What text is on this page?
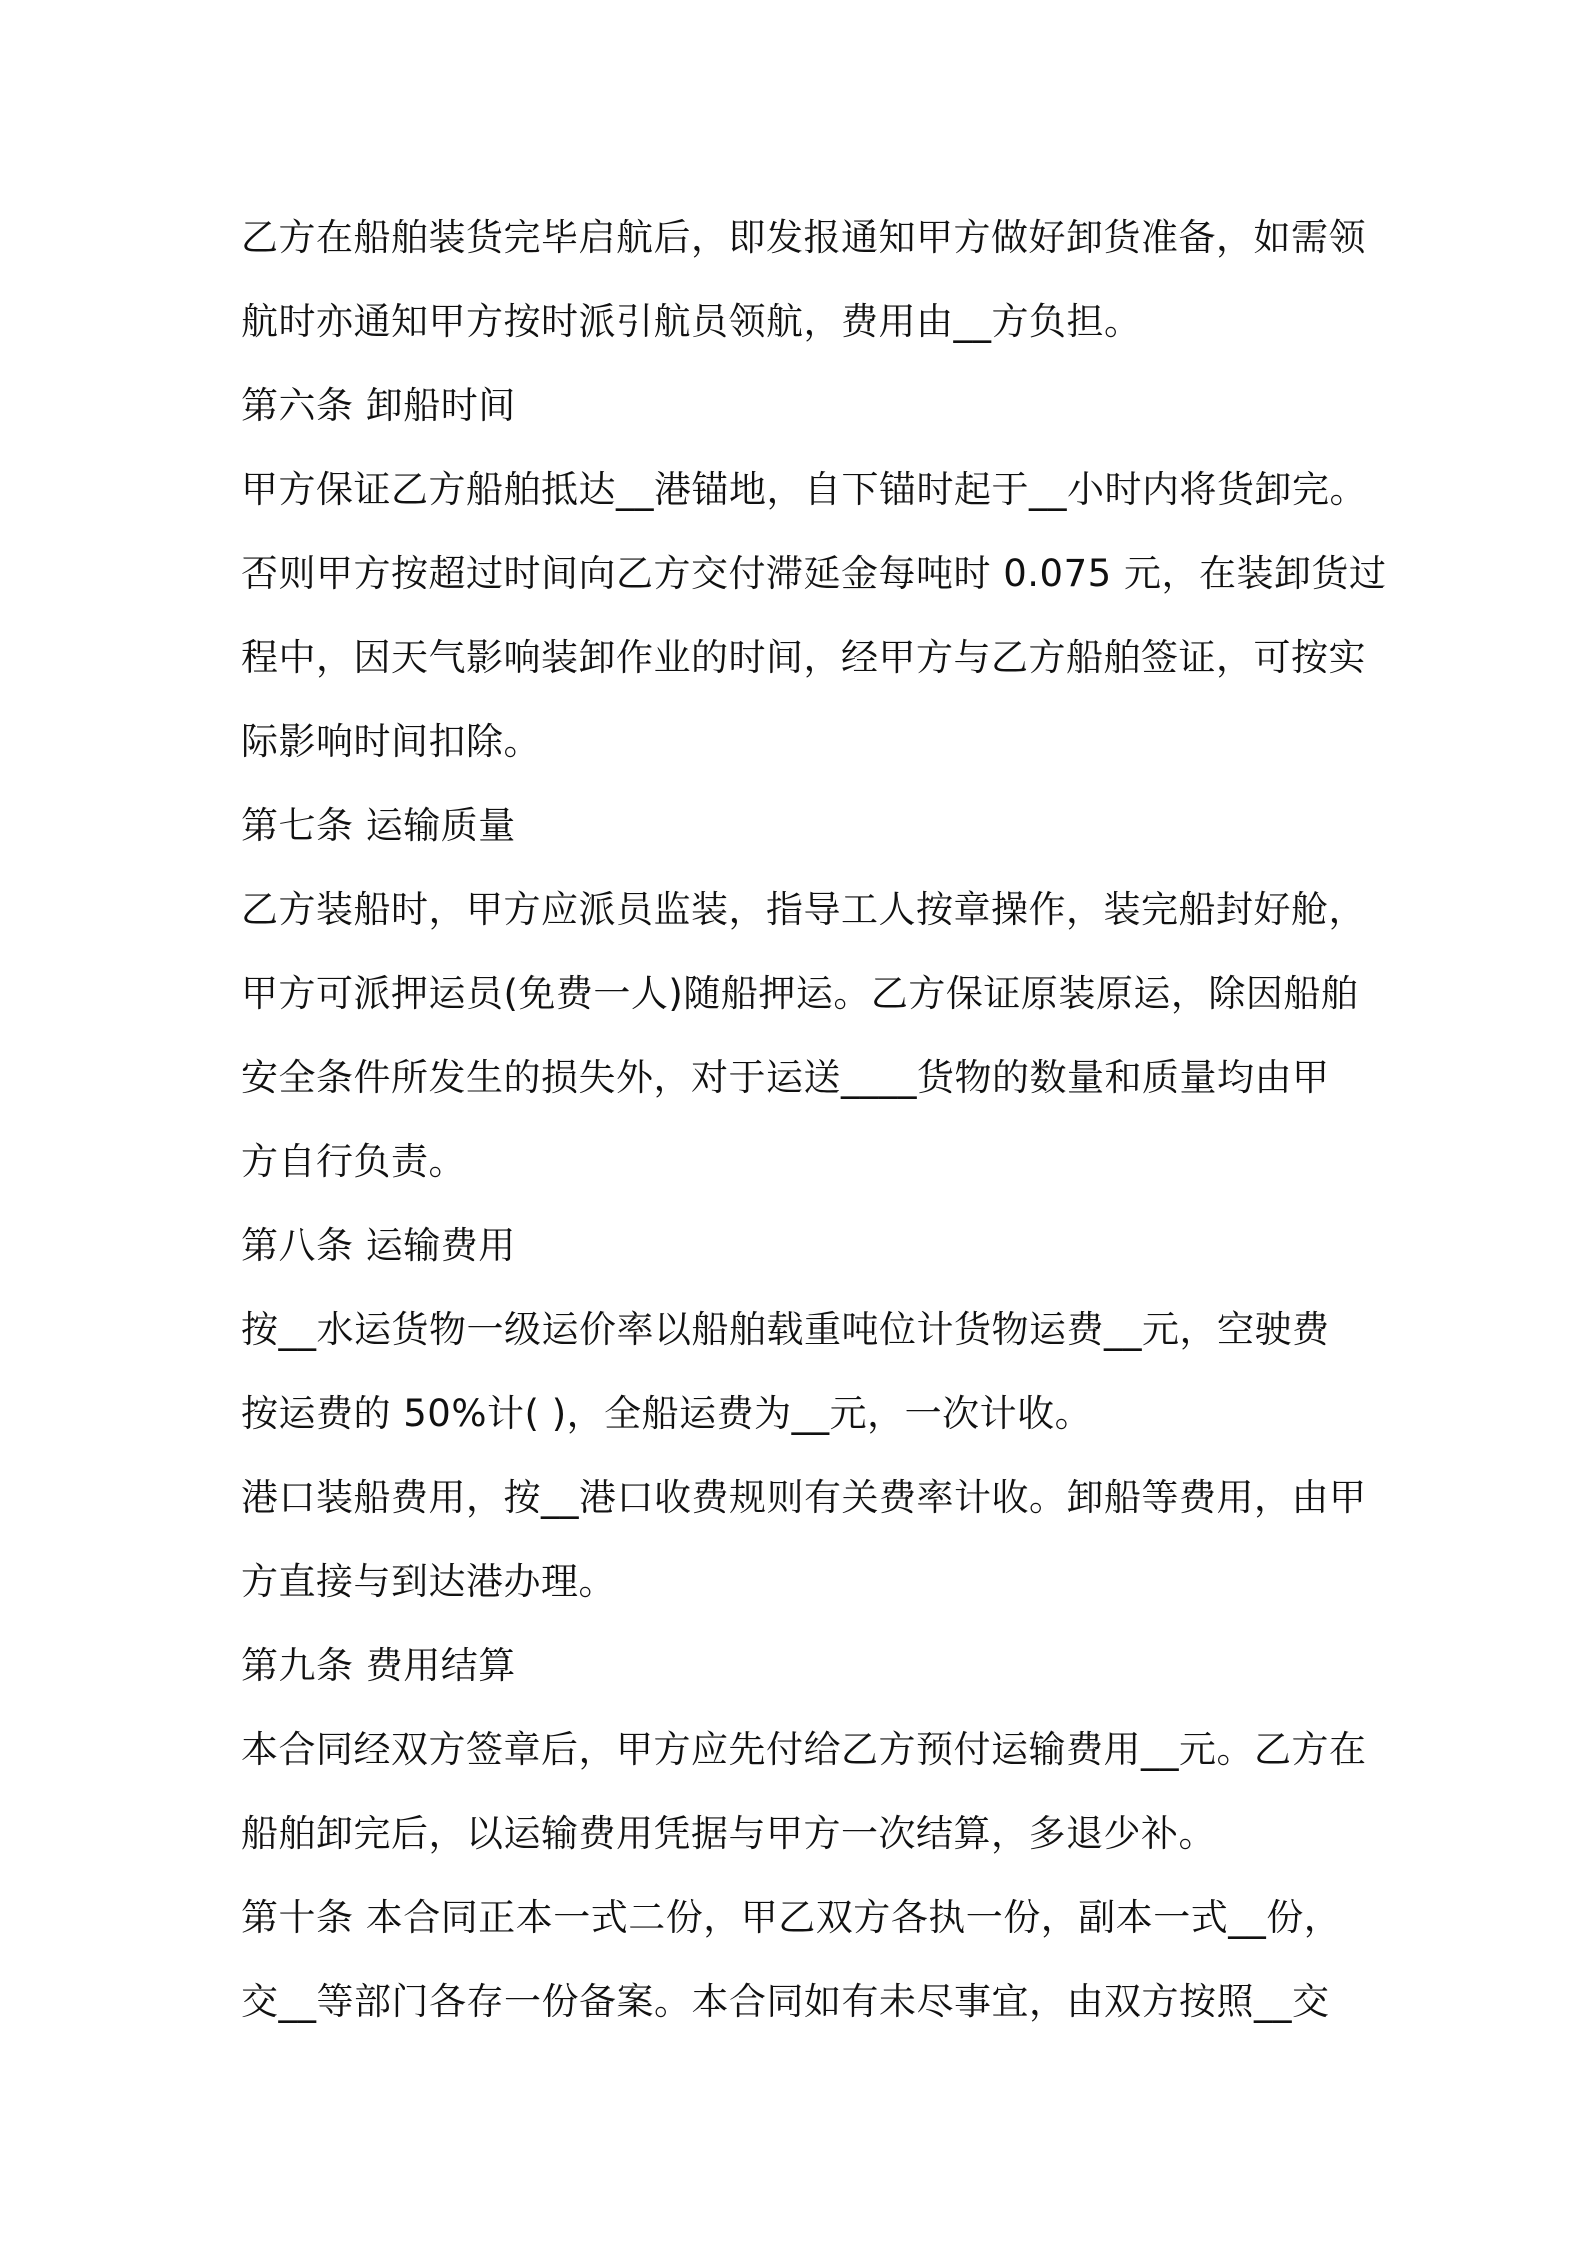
乙方在船舶装货完毕启航后，即发报通知甲方做好卸货准备，如需领
航时亦通知甲方按时派引航员领航，费用由__方负担。
第六条 卸船时间
甲方保证乙方船舶抵达__港锚地，自下锚时起于__小时内将货卸完。
否则甲方按超过时间向乙方交付滞延金每吨时 0.075 元，在装卸货过
程中，因天气影响装卸作业的时间，经甲方与乙方船舶签证，可按实
际影响时间扣除。
第七条 运输质量
乙方装船时，甲方应派员监装，指导工人按章操作，装完船封好舱，
甲方可派押运员(免费一人)随船押运。乙方保证原装原运，除因船舶
安全条件所发生的损失外，对于运送____货物的数量和质量均由甲
方自行负责。
第八条 运输费用
按__水运货物一级运价率以船舶载重吨位计货物运费__元，空驶费
按运费的 50%计( )，全船运费为__元，一次计收。
港口装船费用，按__港口收费规则有关费率计收。卸船等费用，由甲
方直接与到达港办理。
第九条 费用结算
本合同经双方签章后，甲方应先付给乙方预付运输费用__元。乙方在
船舶卸完后，以运输费用凭据与甲方一次结算，多退少补。
第十条 本合同正本一式二份，甲乙双方各执一份，副本一式__份，
交__等部门各存一份备案。本合同如有未尽事宜，由双方按照__交
